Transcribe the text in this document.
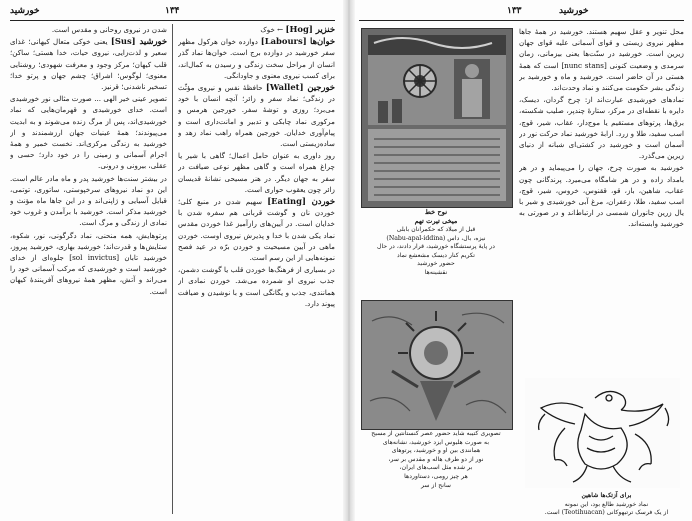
خورشید	۱۳۴

شدن در نیروی روحانی و مقدس است.

خورشید [Sus] یعنی خوکی متعال کیهانی؛ غذای سعیر و لذت‌زایی، نیروی حیات، خدا هستی؛ ساکن؛ قلب کیهان؛ مرکز وجود و معرفت شهودی؛ روشنایی معنوی؛ لوگوس؛ اشراق؛ چشم جهان و پرتو خدا؛ تسخیر ناشدنی؛ قرنیز.

تصویر عینی خیر الهی ... صورت مثالی نور خورشیدی است. خدای خورشیدی و قهرمان‌هایی که نماد خورشیدی‌اند، پس از مرگ زنده می‌شوند و به ابدیت می‌پیوندند؛ همهٔ عینیات جهان ارزشمندند و از خورشید به زندگی مرکزی‌اند. نخست خمیر و همهٔ اجرام آسمانی و زمینی را در خود دارد؛ حسی و عقلی، بیرونی و درونی.

در بیشتر سنت‌ها خورشید پدر و ماه مادر عالم است. این دو نماد نیروهای سرخپوستی، ساتوری، توتمی، قبایل آسیایی و ژاپنی‌اند و در این جاها ماه مؤنث و خورشید مذکر است. خورشید با برآمدن و غروب خود نمادی از زندگی و مرگ است.

پرتوهایش، همه منحنی، نماد دگرگونی، نور، شکوه، ستایش‌ها و قدرت‌اند؛ خورشید بهاری، خورشید پیروز، خورشید تابان [sol invictus] جلوه‌ای از خدای خورشید است و خورشیدی که مرکب آسمانی خود را می‌راند و آتش، مظهر همهٔ نیروهای آفرینندهٔ کیهان است.

خنزیر [Hog] ← خوک

خوان‌ها [Labours] دوازده خوان هرکول مظهر سفر خورشید در دوازده برج است. خوان‌ها نماد گذر انسان از مراحل سخت زندگی و رسیدن به کمال‌اند، برای کسب نیروی معنوی و جاودانگی.

خورجین [Wallet] حافظهٔ نفس و نیروی مؤثّث در زندگی؛ نماد سفر و زائر؛ آنچه انسان با خود می‌برد؛ روزی و توشهٔ سفر. خورجین هرمس و مرکوری نماد چابکی و تدبیر و امانت‌داری است و پیام‌آوری خدایان. خورجین همراه راهب نماد زهد و ساده‌زیستی است.

روز داوری به عنوان حامل اعمال؛ گاهی با شیر یا چراغ همراه است و گاهی مظهر نوعی ضیافت در سفر به جهان دیگر. در هنر مسیحی نشانهٔ قدیسان زائر چون یعقوب حواری است.

خوردن [Eating] سهیم شدن در منبع کلی؛ خوردن نان و گوشت قربانی هم سفره شدن با خدایان است. در آیین‌های رازآمیز غذا خوردن مقدس نماد یکی شدن با خدا و پذیرش نیروی اوست. خوردن ماهی در آیین مسیحیت و خوردن برّه در عید فصح نمونه‌هایی از این رسم است.

در بسیاری از فرهنگ‌ها خوردن قلب یا گوشت دشمن، جذب نیروی او شمرده می‌شد. خوردن نمادی از همانندی، جذب و یگانگی است و با نوشیدن و ضیافت پیوند دارد.

۱۳۳	خورشید
نوح خط
میخی تیرت تهم
قبل از میلاد که حکمرانان بابلی
نیزه، بال، داس (Nabu-apal-iddina)
در پایهٔ پرستشگاه خورشید، قرار دادند، در حال
تکریم کنار دیسک مشعشع نماد
حضور خورشید
نقشینه‌ها
تصویری کتیبه شاید حضور عصر کنستانتین از مسیح
به صورت هلیوس ایزد خورشید، نشانه‌های
همانندی بین او و خورشید، پرتوهای
نور از دو طرف هاله و مقدس بر سر،
بر شده مثل اسب‌های ایران،
هر چیز رومی، دستاوردها
سانح از سر

محل تنویر و عقل سهیم هستند. خورشید در همهٔ جاها مظهر نیروی زیستی و قوای آسمانی علیه قوای جهان زیرین است. خورشید در سنّت‌ها یعنی بیزمانی، زمان سرمدی و وضعیت کنونی [nunc stans] است که همهٔ هستی در آن حاضر است. خورشید و ماه و خورشید بر زندگی بشر حکومت می‌کنند و نماد وحدت‌اند.

نمادهای خورشیدی عبارت‌اند از: چرخ گردان، دیسک، دایره با نقطه‌ای در مرکز، ستارهٔ چندپر، صلیب شکسته، برق‌ها، پرتوهای مستقیم یا موج‌دار، عقاب، شیر، قوچ، اسب سفید، طلا و زرد. ارابهٔ خورشید نماد حرکت نور در آسمان است و خورشید در کشتی‌ای شبانه از دنیای زیرین می‌گذرد.

خورشید به صورت چرخ، جهان را می‌پیماید و در هر بامداد زاده و در هر شامگاه می‌میرد. پرندگانی چون عقاب، شاهین، باز، قو، ققنوس، خروس، شیر، قوچ، اسب سفید، طلا، زعفران، مرغ آبی خورشیدی و شیر با یال زرین جانوران شمسی در ارتباط‌اند و در صورتی به خورشید وابسته‌اند.

برای آزتک‌ها شاهین
نماد خورشید طالع بود، این نمونه
از یک فرسک ترتیهوکانی (Teotihuacan) است.
